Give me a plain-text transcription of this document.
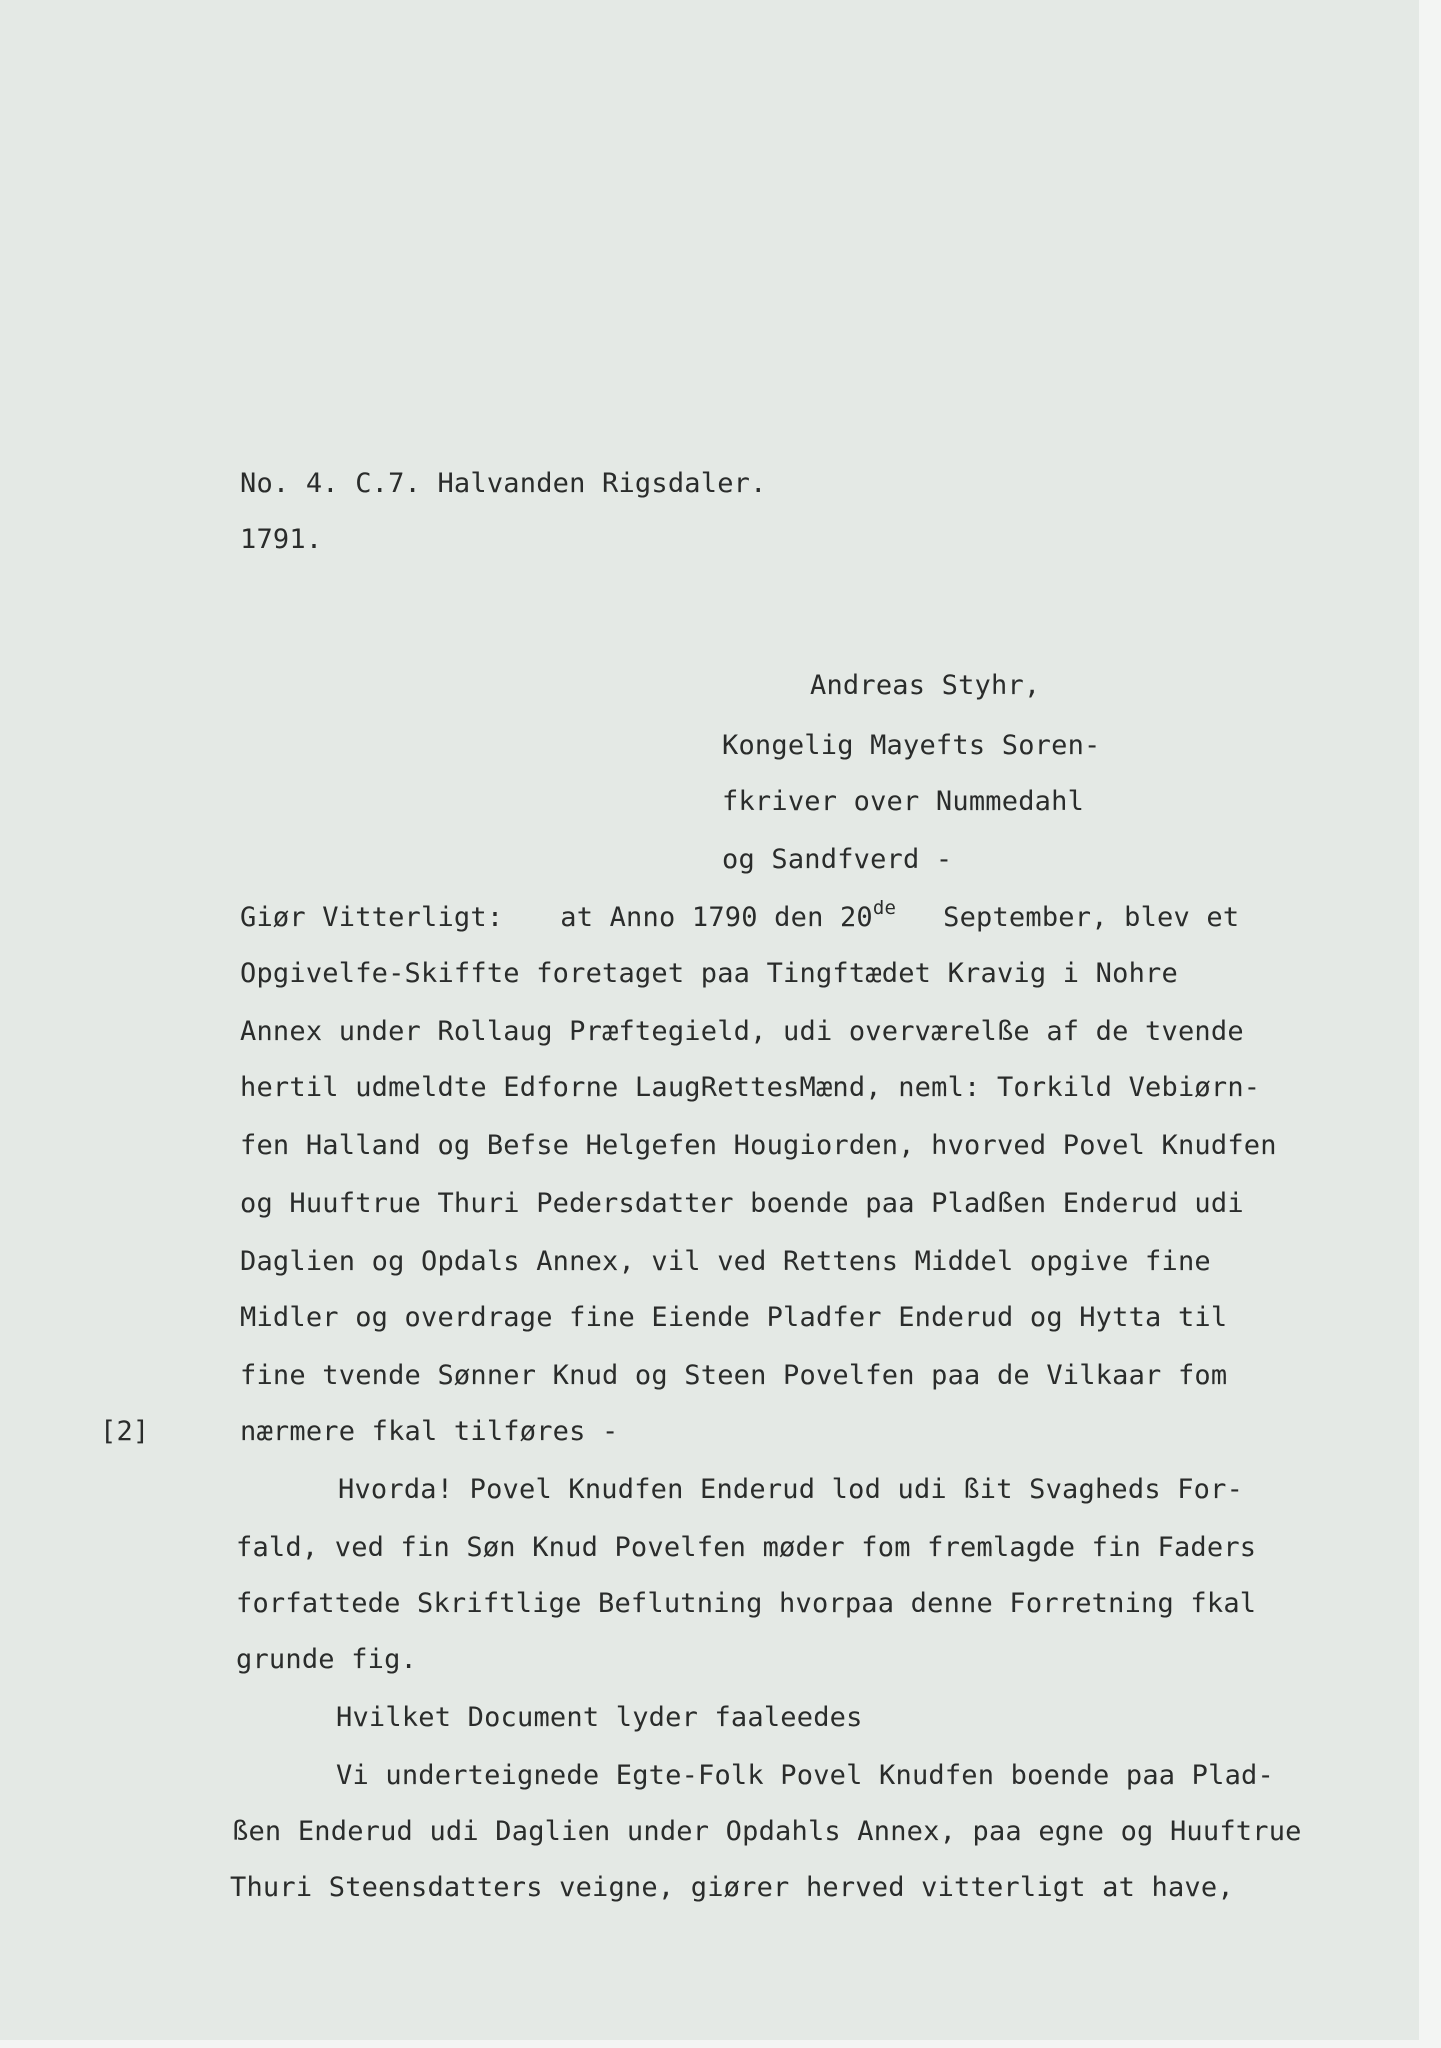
No. 4. C.7. Halvanden Rigsdaler.
1791.
Andreas Styhr,
Kongelig Mayefts Soren-
fkriver over Nummedahl
og Sandfverd -
Giør Vitterligt: at Anno 1790 den 20de September, blev et
Opgivelfe-Skiffte foretaget paa Tingftædet Kravig i Nohre
Annex under Rollaug Præftegield, udi overværelße af de tvende
hertil udmeldte Edforne LaugRettesMænd, neml: Torkild Vebiørn-
fen Halland og Befse Helgefen Hougiorden, hvorved Povel Knudfen
og Huuftrue Thuri Pedersdatter boende paa Pladßen Enderud udi
Daglien og Opdals Annex, vil ved Rettens Middel opgive fine
Midler og overdrage fine Eiende Pladfer Enderud og Hytta til
fine tvende Sønner Knud og Steen Povelfen paa de Vilkaar fom
nærmere fkal tilføres -
[2]
Hvorda! Povel Knudfen Enderud lod udi ßit Svagheds For-
fald, ved fin Søn Knud Povelfen møder fom fremlagde fin Faders
forfattede Skriftlige Beflutning hvorpaa denne Forretning fkal
grunde fig.
Hvilket Document lyder faaleedes
Vi underteignede Egte-Folk Povel Knudfen boende paa Plad-
ßen Enderud udi Daglien under Opdahls Annex, paa egne og Huuftrue
Thuri Steensdatters veigne, giører herved vitterligt at have,
